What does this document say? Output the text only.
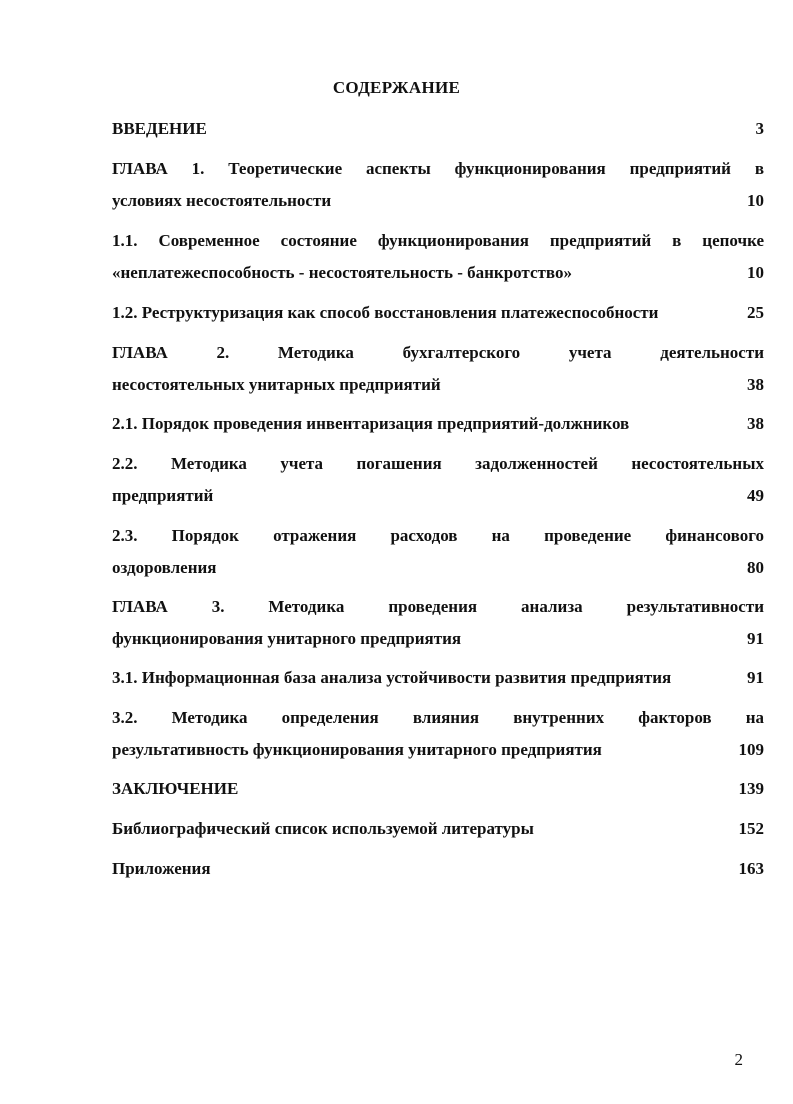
СОДЕРЖАНИЕ
ВВЕДЕНИЕ	3
ГЛАВА 1. Теоретические аспекты функционирования предприятий в
условиях несостоятельности	10
1.1. Современное состояние функционирования предприятий в цепочке
«неплатежеспособность - несостоятельность - банкротство»	10
1.2. Реструктуризация как способ восстановления платежеспособности	25
ГЛАВА 2. Методика бухгалтерского учета деятельности
несостоятельных унитарных предприятий	38
2.1. Порядок проведения инвентаризация предприятий-должников	38
2.2. Методика учета погашения задолженностей несостоятельных
предприятий	49
2.3. Порядок отражения расходов на проведение финансового
оздоровления	80
ГЛАВА 3. Методика проведения анализа результативности
функционирования унитарного предприятия	91
3.1. Информационная база анализа устойчивости развития предприятия	91
3.2. Методика определения влияния внутренних факторов на
результативность функционирования унитарного предприятия	109
ЗАКЛЮЧЕНИЕ	139
Библиографический список используемой литературы	152
Приложения	163
2
